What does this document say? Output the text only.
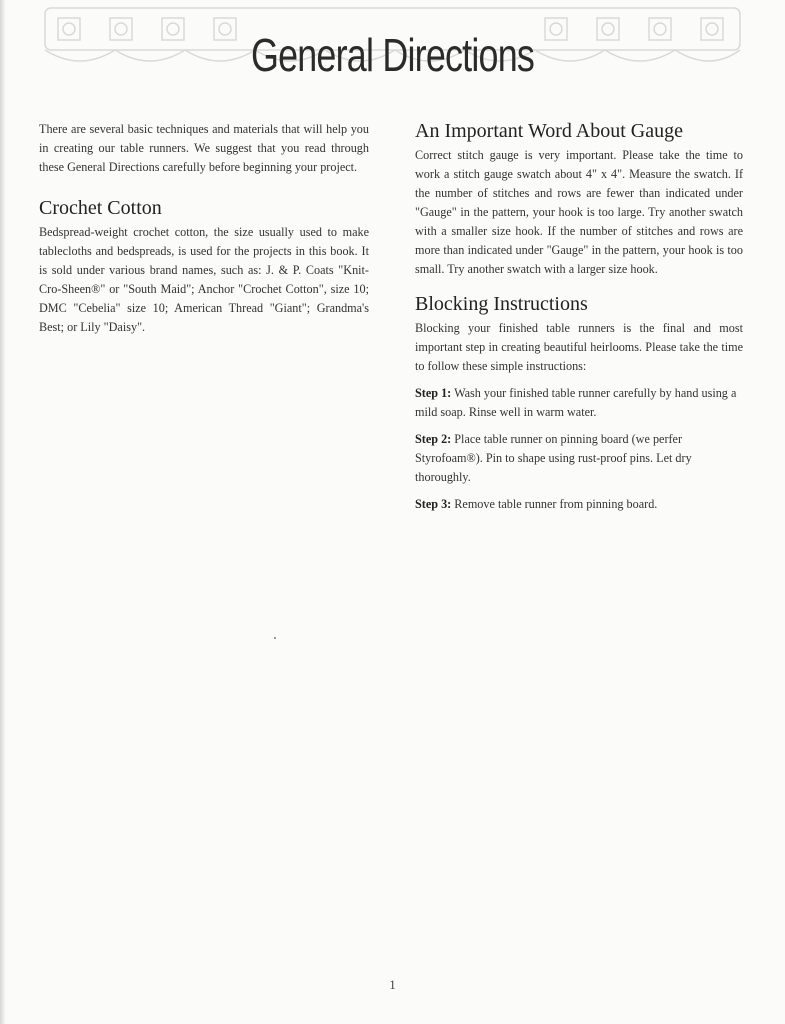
General Directions

There are several basic techniques and materials that will help you in creating our table runners. We suggest that you read through these General Directions carefully before beginning your project.

Crochet Cotton

Bedspread-weight crochet cotton, the size usually used to make tablecloths and bedspreads, is used for the projects in this book. It is sold under various brand names, such as: J. & P. Coats "Knit-Cro-Sheen®" or "South Maid"; Anchor "Crochet Cotton", size 10; DMC "Cebelia" size 10; American Thread "Giant"; Grandma's Best; or Lily "Daisy".

An Important Word About Gauge

Correct stitch gauge is very important. Please take the time to work a stitch gauge swatch about 4" x 4". Measure the swatch. If the number of stitches and rows are fewer than indicated under "Gauge" in the pattern, your hook is too large. Try another swatch with a smaller size hook. If the number of stitches and rows are more than indicated under "Gauge" in the pattern, your hook is too small. Try another swatch with a larger size hook.

Blocking Instructions

Blocking your finished table runners is the final and most important step in creating beautiful heirlooms. Please take the time to follow these simple instructions:

Step 1: Wash your finished table runner carefully by hand using a mild soap. Rinse well in warm water.

Step 2: Place table runner on pinning board (we perfer Styrofoam®). Pin to shape using rust-proof pins. Let dry thoroughly.

Step 3: Remove table runner from pinning board.

1
